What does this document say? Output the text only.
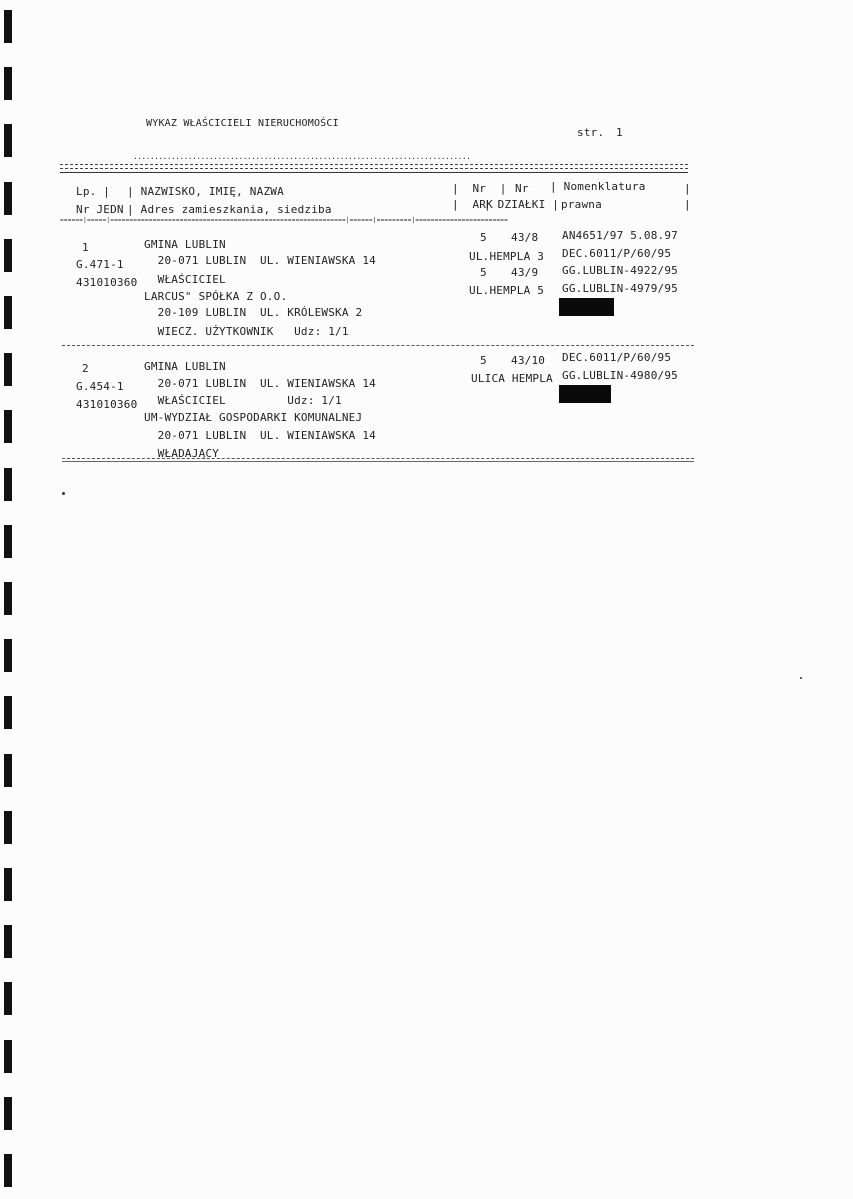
WYKAZ WŁAŚCICIELI NIERUCHOMOŚCI
str. 1
................................................................................
Lp. |
Nr JEDN
| NAZWISKO, IMIĘ, NAZWA
| Adres zamieszkania, siedziba
|  Nr  |
|  ARK
Nr
| DZIAŁKI |
| Nomenklatura
prawna
|
|
======|=====|=============================================================|======|=========|========================
1
G.471-1
431010360
GMINA LUBLIN
20-071 LUBLIN  UL. WIENIAWSKA 14
WŁAŚCICIEL
LARCUS" SPÓŁKA Z O.O.
20-109 LUBLIN  UL. KRÓLEWSKA 2
WIECZ. UŻYTKOWNIK   Udz: 1/1
5 43/8
UL.HEMPLA 3
5 43/9
UL.HEMPLA 5
AN4651/97 5.08.97
DEC.6011/P/60/95
GG.LUBLIN-4922/95
GG.LUBLIN-4979/95
2
G.454-1
431010360
GMINA LUBLIN
20-071 LUBLIN  UL. WIENIAWSKA 14
WŁAŚCICIEL         Udz: 1/1
UM-WYDZIAŁ GOSPODARKI KOMUNALNEJ
20-071 LUBLIN  UL. WIENIAWSKA 14
WŁADAJĄCY
5 43/10
ULICA HEMPLA
DEC.6011/P/60/95
GG.LUBLIN-4980/95
